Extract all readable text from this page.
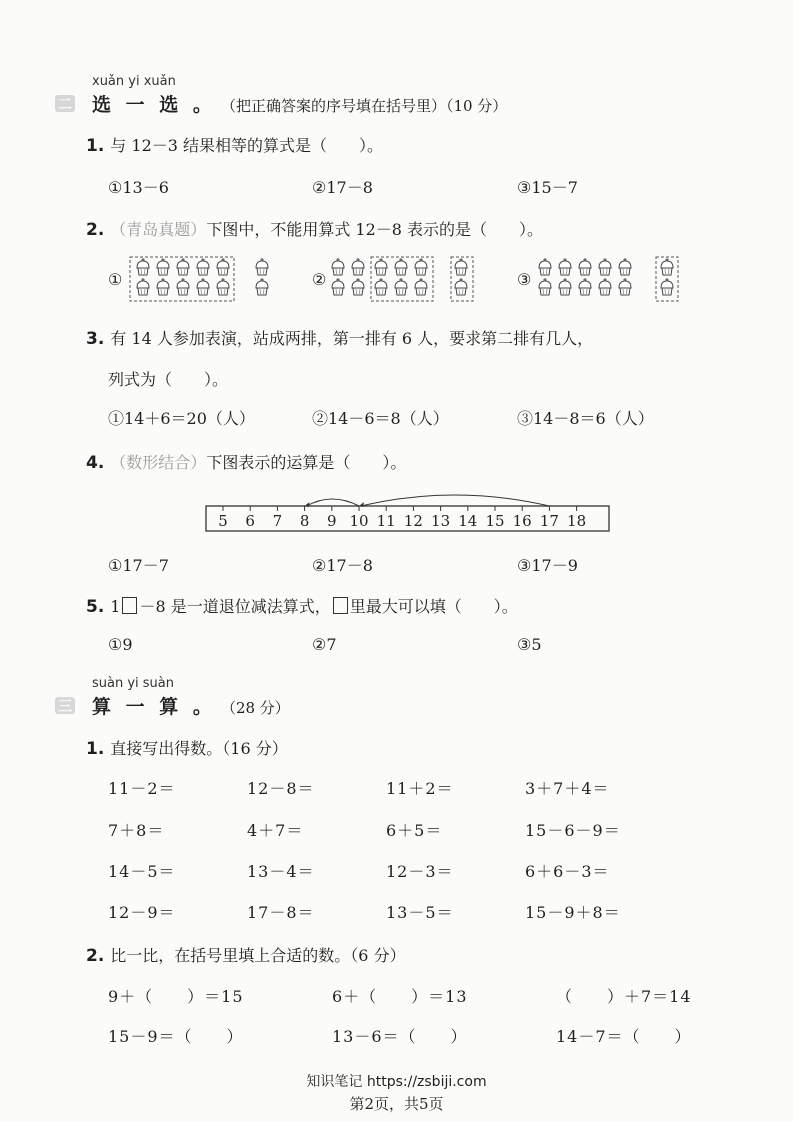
xuǎn yi xuǎn
二 选 一 选 。 （把正确答案的序号填在括号里）（10 分）
1. 与 12－3 结果相等的算式是（　　）。
①13－6	②17－8	③15－7
2. （青岛真题）下图中，不能用算式 12－8 表示的是（　　）。
①	②	③
3. 有 14 人参加表演，站成两排，第一排有 6 人，要求第二排有几人，
列式为（　　）。
①14＋6＝20（人）	②14－6＝8（人）	③14－8＝6（人）
4. （数形结合）下图表示的运算是（　　）。
5 6 7 8 9 10 11 12 13 14 15 16 17 18
①17－7	②17－8	③17－9
5. 1 －8 是一道退位减法算式， 里最大可以填（　　）。
①9	②7	③5
suàn yi suàn
三 算 一 算 。 （28 分）
1. 直接写出得数。（16 分）
11－2＝	12－8＝	11＋2＝	3＋7＋4＝
7＋8＝	4＋7＝	6＋5＝	15－6－9＝
14－5＝	13－4＝	12－3＝	6＋6－3＝
12－9＝	17－8＝	13－5＝	15－9＋8＝
2. 比一比，在括号里填上合适的数。（6 分）
9＋（　　）＝15	6＋（　　）＝13	（　　）＋7＝14
15－9＝（　　）	13－6＝（　　）	14－7＝（　　）
知识笔记 https://zsbiji.com
第2页，共5页
